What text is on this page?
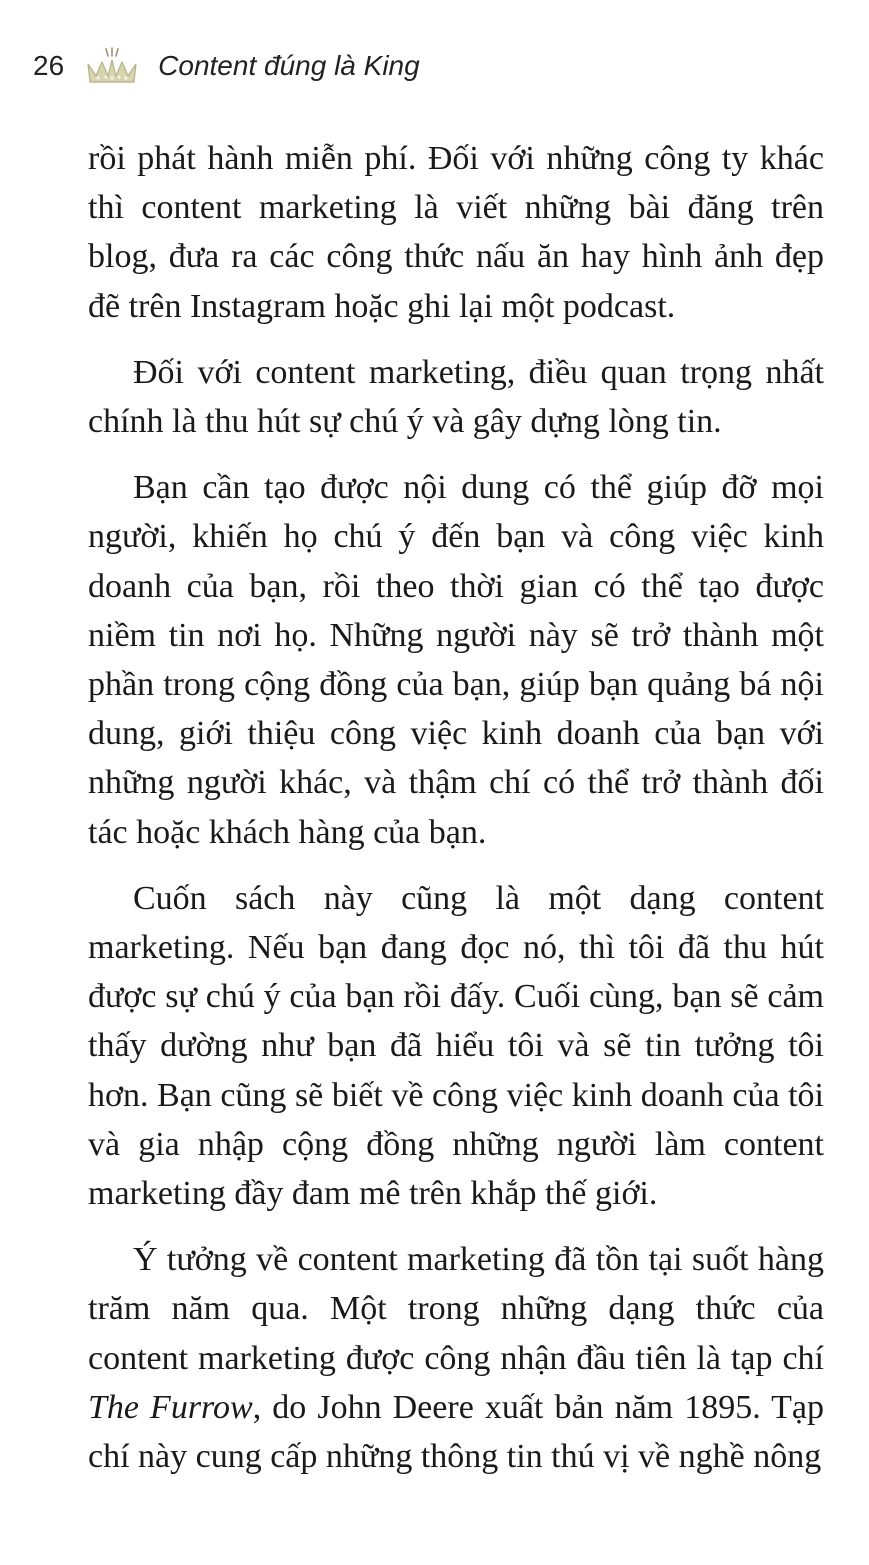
26	Content đúng là King

rồi phát hành miễn phí. Đối với những công ty khác thì content marketing là viết những bài đăng trên blog, đưa ra các công thức nấu ăn hay hình ảnh đẹp đẽ trên Instagram hoặc ghi lại một podcast.

Đối với content marketing, điều quan trọng nhất chính là thu hút sự chú ý và gây dựng lòng tin.

Bạn cần tạo được nội dung có thể giúp đỡ mọi người, khiến họ chú ý đến bạn và công việc kinh doanh của bạn, rồi theo thời gian có thể tạo được niềm tin nơi họ. Những người này sẽ trở thành một phần trong cộng đồng của bạn, giúp bạn quảng bá nội dung, giới thiệu công việc kinh doanh của bạn với những người khác, và thậm chí có thể trở thành đối tác hoặc khách hàng của bạn.

Cuốn sách này cũng là một dạng content marketing. Nếu bạn đang đọc nó, thì tôi đã thu hút được sự chú ý của bạn rồi đấy. Cuối cùng, bạn sẽ cảm thấy dường như bạn đã hiểu tôi và sẽ tin tưởng tôi hơn. Bạn cũng sẽ biết về công việc kinh doanh của tôi và gia nhập cộng đồng những người làm content marketing đầy đam mê trên khắp thế giới.

Ý tưởng về content marketing đã tồn tại suốt hàng trăm năm qua. Một trong những dạng thức của content marketing được công nhận đầu tiên là tạp chí The Furrow, do John Deere xuất bản năm 1895. Tạp chí này cung cấp những thông tin thú vị về nghề nông
